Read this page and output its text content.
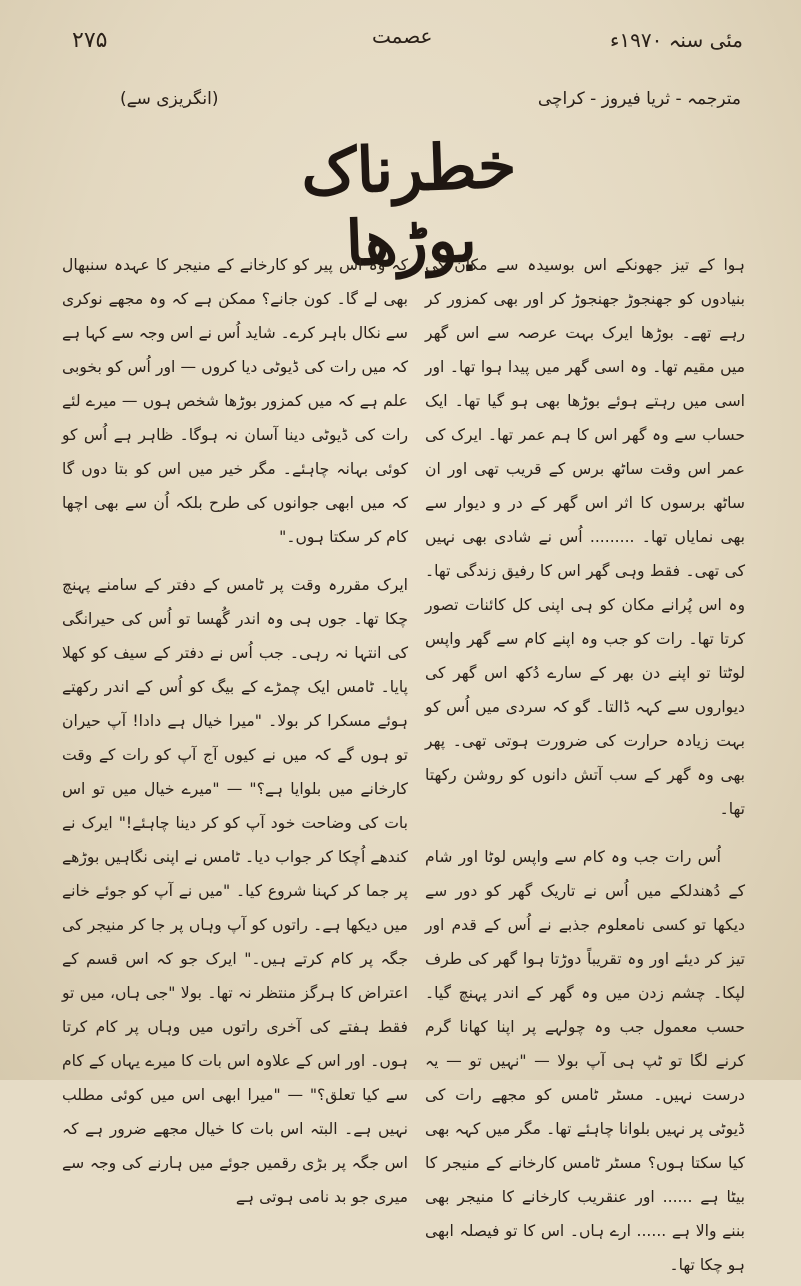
۲۷۵	عصمت	مئی سنہ ۱۹۷۰ء
مترجمہ - ثریا فیروز - کراچی
(انگریزی سے)
خطرناک بوڑھا

ہوا کے تیز جھونکے اس بوسیدہ سے مکان کی بنیادوں کو جھنجوڑ جھنجوڑ کر اور بھی کمزور کر رہے تھے۔ بوڑھا ایرک بہت عرصہ سے اس گھر میں مقیم تھا۔ وہ اسی گھر میں پیدا ہوا تھا۔ اور اسی میں رہتے ہوئے بوڑھا بھی ہو گیا تھا۔ ایک حساب سے وہ گھر اس کا ہم عمر تھا۔ ایرک کی عمر اس وقت ساٹھ برس کے قریب تھی اور ان ساٹھ برسوں کا اثر اس گھر کے در و دیوار سے بھی نمایاں تھا۔ ......... اُس نے شادی بھی نہیں کی تھی۔ فقط وہی گھر اس کا رفیق زندگی تھا۔ وہ اس پُرانے مکان کو ہی اپنی کل کائنات تصور کرتا تھا۔ رات کو جب وہ اپنے کام سے گھر واپس لوٹتا تو اپنے دن بھر کے سارے دُکھ اس گھر کی دیواروں سے کہہ ڈالتا۔ گو کہ سردی میں اُس کو بہت زیادہ حرارت کی ضرورت ہوتی تھی۔ پھر بھی وہ گھر کے سب آتش دانوں کو روشن رکھتا تھا۔

اُس رات جب وہ کام سے واپس لوٹا اور شام کے دُھندلکے میں اُس نے تاریک گھر کو دور سے دیکھا تو کسی نامعلوم جذبے نے اُس کے قدم اور تیز کر دیئے اور وہ تقریباً دوڑتا ہوا گھر کی طرف لپکا۔ چشم زدن میں وہ گھر کے اندر پہنچ گیا۔ حسب معمول جب وہ چولہے پر اپنا کھانا گرم کرنے لگا تو ٹپ ہی آپ بولا — "نہیں تو — یہ درست نہیں۔ مسٹر ٹامس کو مجھے رات کی ڈیوٹی پر نہیں بلوانا چاہئے تھا۔ مگر میں کہہ بھی کیا سکتا ہوں؟ مسٹر ٹامس کارخانے کے منیجر کا بیٹا ہے ...... اور عنقریب کارخانے کا منیجر بھی بننے والا ہے ...... ارے ہاں۔ اس کا تو فیصلہ ابھی ہو چکا تھا۔

کہ وہ اس پیر کو کارخانے کے منیجر کا عہدہ سنبھال بھی لے گا۔ کون جانے؟ ممکن ہے کہ وہ مجھے نوکری سے نکال باہر کرے۔ شاید اُس نے اس وجہ سے کہا ہے کہ میں رات کی ڈیوٹی دیا کروں — اور اُس کو بخوبی علم ہے کہ میں کمزور بوڑھا شخص ہوں — میرے لئے رات کی ڈیوٹی دینا آسان نہ ہوگا۔ ظاہر ہے اُس کو کوئی بہانہ چاہئے۔ مگر خیر میں اس کو بتا دوں گا کہ میں ابھی جوانوں کی طرح بلکہ اُن سے بھی اچھا کام کر سکتا ہوں۔"

ایرک مقررہ وقت پر ٹامس کے دفتر کے سامنے پہنچ چکا تھا۔ جوں ہی وہ اندر گُھسا تو اُس کی حیرانگی کی انتہا نہ رہی۔ جب اُس نے دفتر کے سیف کو کھلا پایا۔ ٹامس ایک چمڑے کے بیگ کو اُس کے اندر رکھتے ہوئے مسکرا کر بولا۔ "میرا خیال ہے دادا! آپ حیران تو ہوں گے کہ میں نے کیوں آج آپ کو رات کے وقت کارخانے میں بلوایا ہے؟" — "میرے خیال میں تو اس بات کی وضاحت خود آپ کو کر دینا چاہئے!" ایرک نے کندھے اُچکا کر جواب دیا۔ ٹامس نے اپنی نگاہیں بوڑھے پر جما کر کہنا شروع کیا۔ "میں نے آپ کو جوئے خانے میں دیکھا ہے۔ راتوں کو آپ وہاں پر جا کر منیجر کی جگہ پر کام کرتے ہیں۔" ایرک جو کہ اس قسم کے اعتراض کا ہرگز منتظر نہ تھا۔ بولا "جی ہاں، میں تو فقط ہفتے کی آخری راتوں میں وہاں پر کام کرتا ہوں۔ اور اس کے علاوہ اس بات کا میرے یہاں کے کام سے کیا تعلق؟" — "میرا ابھی اس میں کوئی مطلب نہیں ہے۔ البتہ اس بات کا خیال مجھے ضرور ہے کہ اس جگہ پر بڑی رقمیں جوئے میں ہارنے کی وجہ سے میری جو بد نامی ہوتی ہے
